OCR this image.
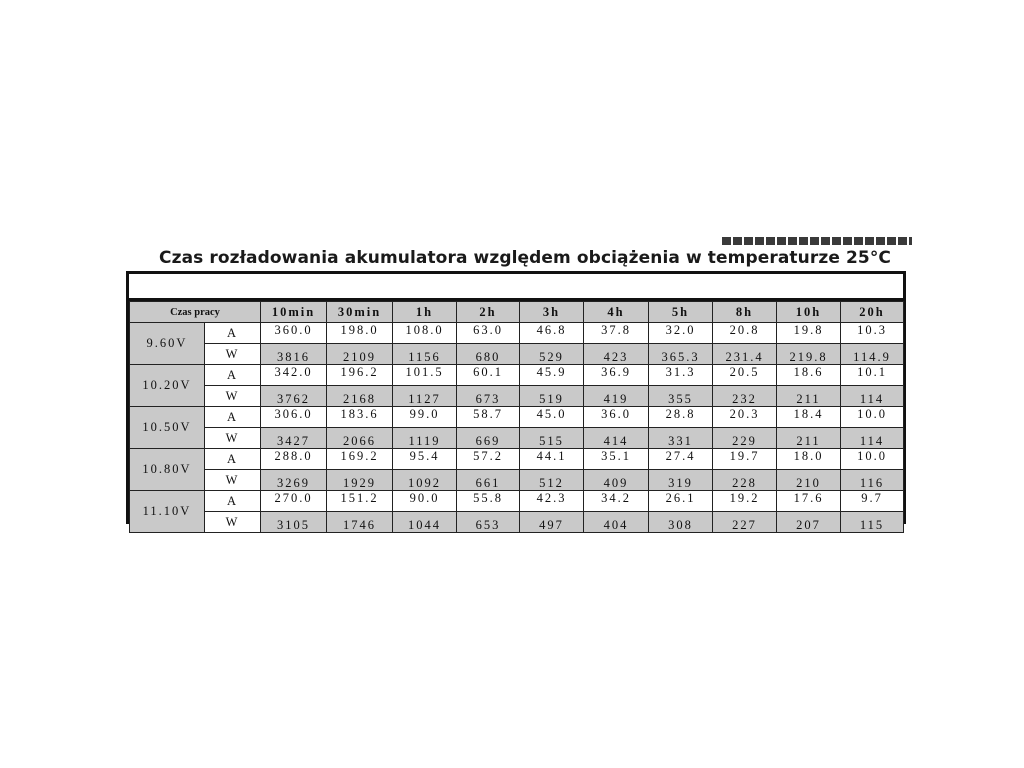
Czas rozładowania akumulatora względem obciążenia w temperaturze 25°C
Czas pracy		10min	30min	1h	2h	3h	4h	5h	8h	10h	20h
9.60V	A	360.0	198.0	108.0	63.0	46.8	37.8	32.0	20.8	19.8	10.3
	W	3816	2109	1156	680	529	423	365.3	231.4	219.8	114.9
10.20V	A	342.0	196.2	101.5	60.1	45.9	36.9	31.3	20.5	18.6	10.1
	W	3762	2168	1127	673	519	419	355	232	211	114
10.50V	A	306.0	183.6	99.0	58.7	45.0	36.0	28.8	20.3	18.4	10.0
	W	3427	2066	1119	669	515	414	331	229	211	114
10.80V	A	288.0	169.2	95.4	57.2	44.1	35.1	27.4	19.7	18.0	10.0
	W	3269	1929	1092	661	512	409	319	228	210	116
11.10V	A	270.0	151.2	90.0	55.8	42.3	34.2	26.1	19.2	17.6	9.7
	W	3105	1746	1044	653	497	404	308	227	207	115
